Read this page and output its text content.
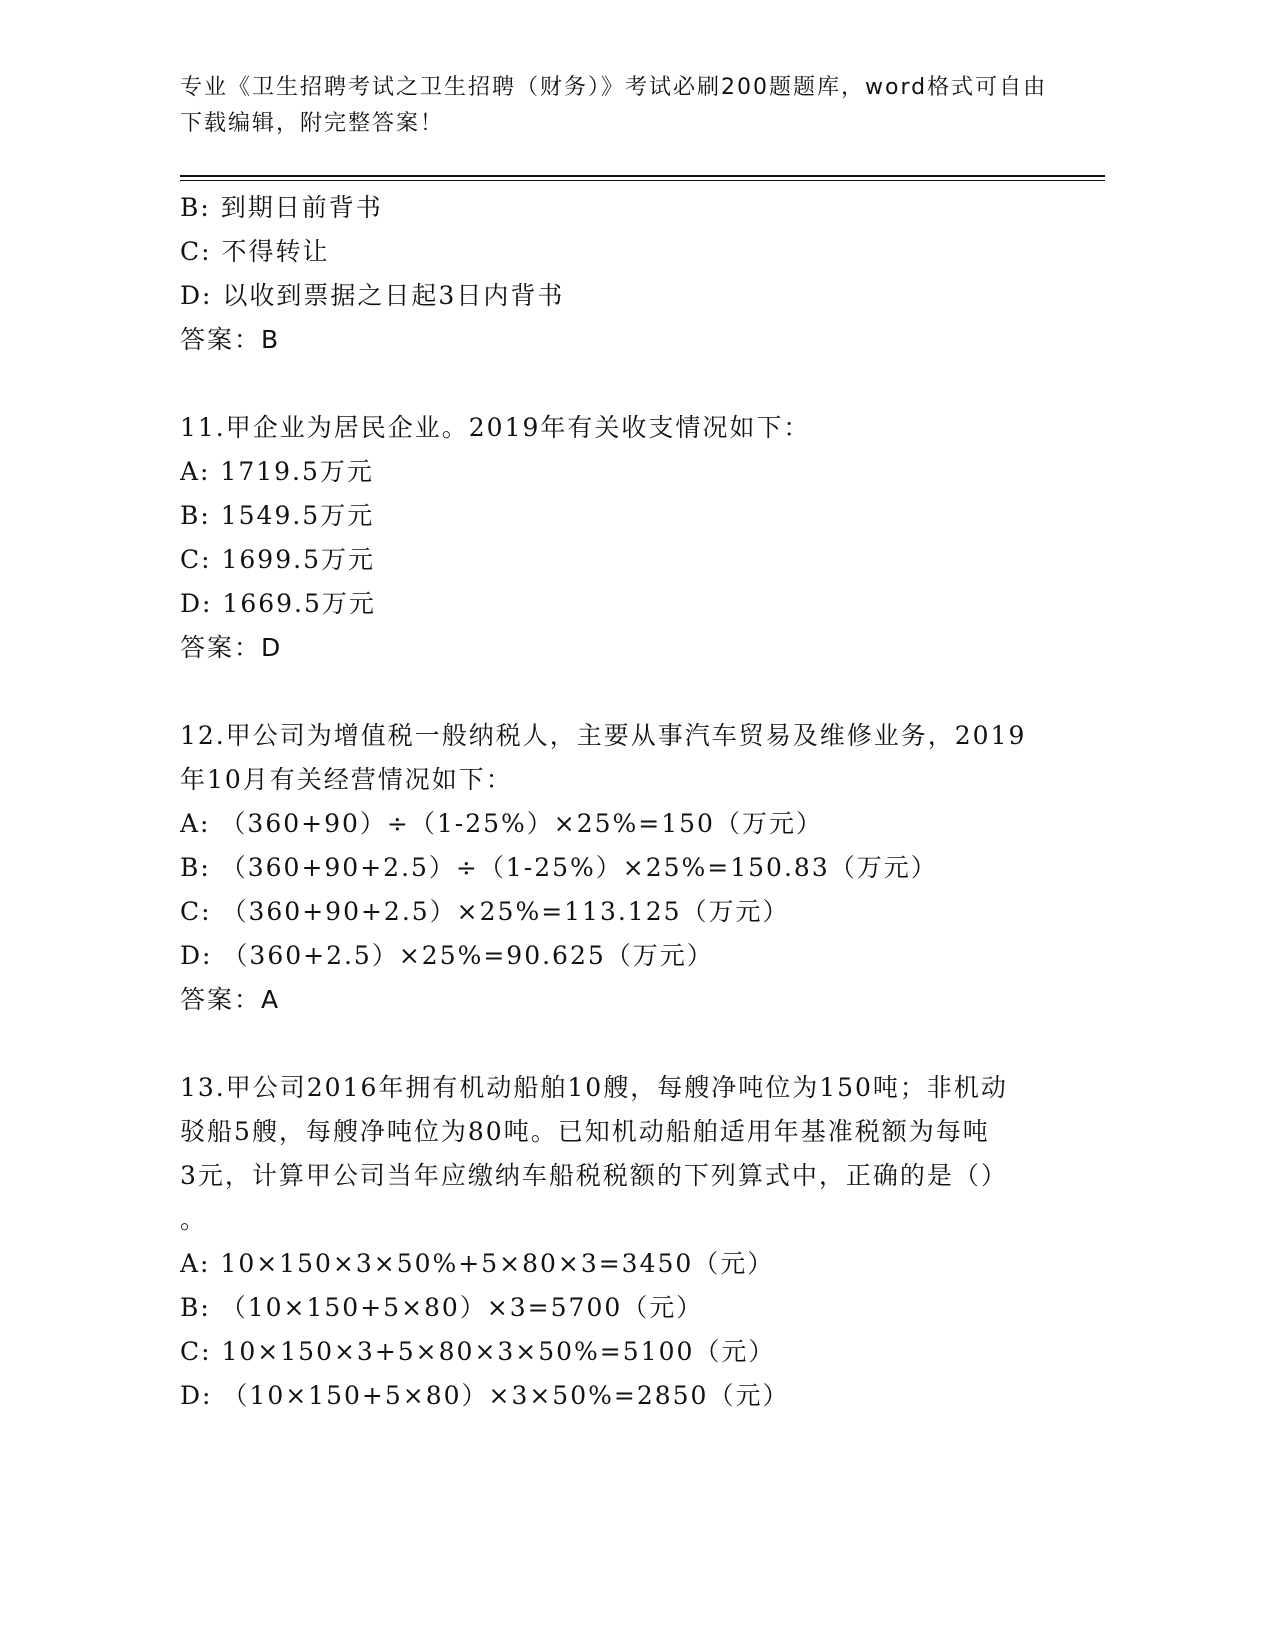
专业《卫生招聘考试之卫生招聘（财务）》考试必刷200题题库，word格式可自由下载编辑，附完整答案！
B: 到期日前背书
C: 不得转让
D: 以收到票据之日起3日内背书
答案：B
11.甲企业为居民企业。2019年有关收支情况如下：
A: 1719.5万元
B: 1549.5万元
C: 1699.5万元
D: 1669.5万元
答案：D
12.甲公司为增值税一般纳税人，主要从事汽车贸易及维修业务，2019
年10月有关经营情况如下：
A: （360+90）÷（1-25%）×25%=150（万元）
B: （360+90+2.5）÷（1-25%）×25%=150.83（万元）
C: （360+90+2.5）×25%=113.125（万元）
D: （360+2.5）×25%=90.625（万元）
答案：A
13.甲公司2016年拥有机动船舶10艘，每艘净吨位为150吨；非机动
驳船5艘，每艘净吨位为80吨。已知机动船舶适用年基准税额为每吨
3元，计算甲公司当年应缴纳车船税税额的下列算式中，正确的是（）
。
A: 10×150×3×50%+5×80×3=3450（元）
B: （10×150+5×80）×3=5700（元）
C: 10×150×3+5×80×3×50%=5100（元）
D: （10×150+5×80）×3×50%=2850（元）
